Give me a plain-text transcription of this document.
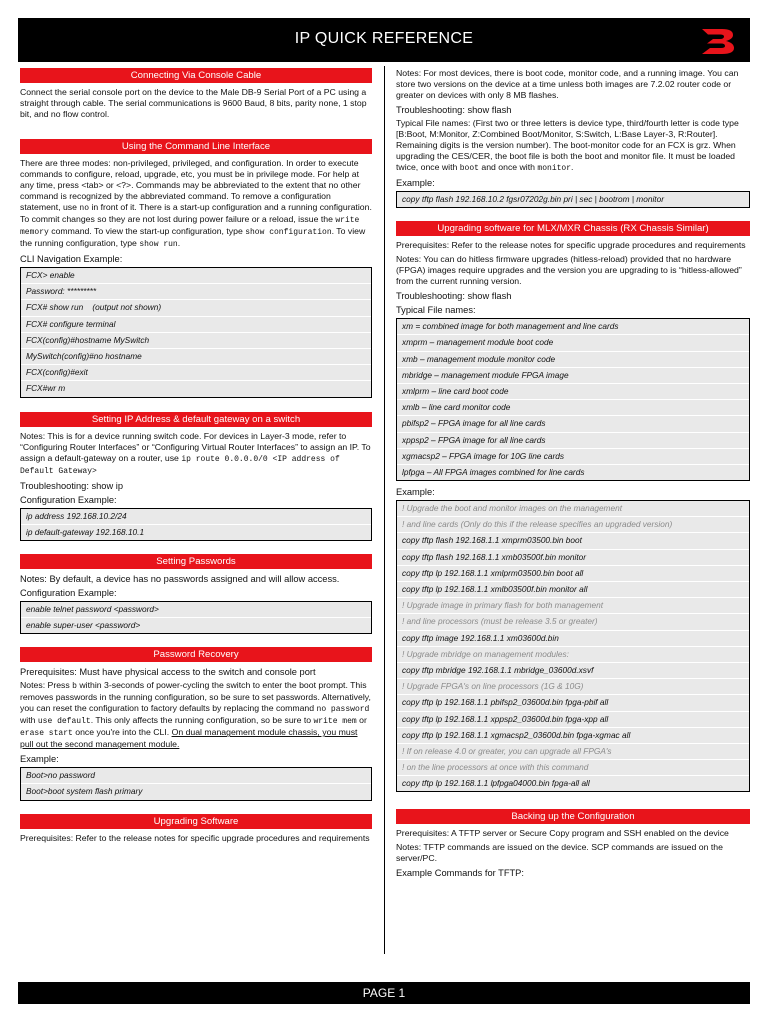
IP QUICK REFERENCE
Connecting Via Console Cable

Connect the serial console port on the device to the Male DB-9 Serial Port of a PC using a straight through cable. The serial communications is 9600 Baud, 8 bits, parity none, 1 stop bit, and no flow control.

Using the Command Line Interface

There are three modes: non-privileged, privileged, and configuration. In order to execute commands to configure, reload, upgrade, etc, you must be in privilege mode. For help at any time, press <tab> or <?>. Commands may be abbreviated to the extent that no other command is recognized by the abbreviated command. To remove a configuration statement, use no in front of it. There is a start-up configuration and a running configuration. To commit changes so they are not lost during power failure or a reload, issue the write memory command. To view the start-up configuration, type show configuration. To view the running configuration, type show run.

CLI Navigation Example:
FCX> enable
Password: *********
FCX# show run    (output not shown)
FCX# configure terminal
FCX(config)#hostname MySwitch
MySwitch(config)#no hostname
FCX(config)#exit
FCX#wr m
Setting IP Address & default gateway on a switch

Notes: This is for a device running switch code. For devices in Layer-3 mode, refer to “Configuring Router Interfaces” or “Configuring Virtual Router Interfaces” to assign an IP. To assign a default-gateway on a router, use ip route 0.0.0.0/0 <IP address of Default Gateway>

Troubleshooting: show ip
Configuration Example:
ip address 192.168.10.2/24
ip default-gateway 192.168.10.1
Setting Passwords
Notes: By default, a device has no passwords assigned and will allow access.
Configuration Example:
enable telnet password <password>
enable super-user <password>
Password Recovery
Prerequisites: Must have physical access to the switch and console port

Notes: Press b within 3-seconds of power-cycling the switch to enter the boot prompt. This removes passwords in the running configuration, so be sure to set passwords. Alternatively, you can reset the configuration to factory defaults by replacing the command no password with use default. This only affects the running configuration, so be sure to write mem or erase start once you're into the CLI. On dual management module chassis, you must pull out the second management module.

Example:
Boot>no password
Boot>boot system flash primary
Upgrading Software

Prerequisites: Refer to the release notes for specific upgrade procedures and requirements

Notes: For most devices, there is boot code, monitor code, and a running image. You can store two versions on the device at a time unless both images are 7.2.02 router code or greater on devices with only 8 MB flashes.

Troubleshooting: show flash

Typical File names: (First two or three letters is device type, third/fourth letter is code type [B:Boot, M:Monitor, Z:Combined Boot/Monitor, S:Switch, L:Base Layer-3, R:Router]. Remaining digits is the version number). The boot-monitor code for an FCX is grz. When upgrading the CES/CER, the boot file is both the boot and monitor file. It must be loaded twice, once with boot and once with monitor.

Example:
copy tftp flash 192.168.10.2 fgsr07202g.bin pri | sec | bootrom | monitor
Upgrading software for MLX/MXR Chassis (RX Chassis Similar)

Prerequisites: Refer to the release notes for specific upgrade procedures and requirements

Notes: You can do hitless firmware upgrades (hitless-reload) provided that no hardware (FPGA) images require upgrades and the version you are upgrading to is “hitless-allowed” from the current running version.

Troubleshooting: show flash
Typical File names:
xm = combined image for both management and line cards
xmprm – management module boot code
xmb – management module monitor code
mbridge – management module FPGA image
xmlprm – line card boot code
xmlb – line card monitor code
pbifsp2 – FPGA image for all line cards
xppsp2 – FPGA image for all line cards
xgmacsp2 – FPGA image for 10G line cards
lpfpga – All FPGA images combined for line cards
Example:
! Upgrade the boot and monitor images on the management
! and line cards (Only do this if the release specifies an upgraded version)
copy tftp flash 192.168.1.1 xmprm03500.bin boot
copy tftp flash 192.168.1.1 xmb03500f.bin monitor
copy tftp lp 192.168.1.1 xmlprm03500.bin boot all
copy tftp lp 192.168.1.1 xmlb03500f.bin monitor all
! Upgrade image in primary flash for both management
! and line processors (must be release 3.5 or greater)
copy tftp image 192.168.1.1 xm03600d.bin
! Upgrade mbridge on management modules:
copy tftp mbridge 192.168.1.1 mbridge_03600d.xsvf
! Upgrade FPGA's on line processors (1G & 10G)
copy tftp lp 192.168.1.1 pbifsp2_03600d.bin fpga-pbif all
copy tftp lp 192.168.1.1 xppsp2_03600d.bin fpga-xpp all
copy tftp lp 192.168.1.1 xgmacsp2_03600d.bin fpga-xgmac all
! If on release 4.0 or greater, you can upgrade all FPGA's
! on the line processors at once with this command
copy tftp lp 192.168.1.1 lpfpga04000.bin fpga-all all
Backing up the Configuration

Prerequisites: A TFTP server or Secure Copy program and SSH enabled on the device

Notes: TFTP commands are issued on the device. SCP commands are issued on the server/PC.

Example Commands for TFTP:
PAGE 1
